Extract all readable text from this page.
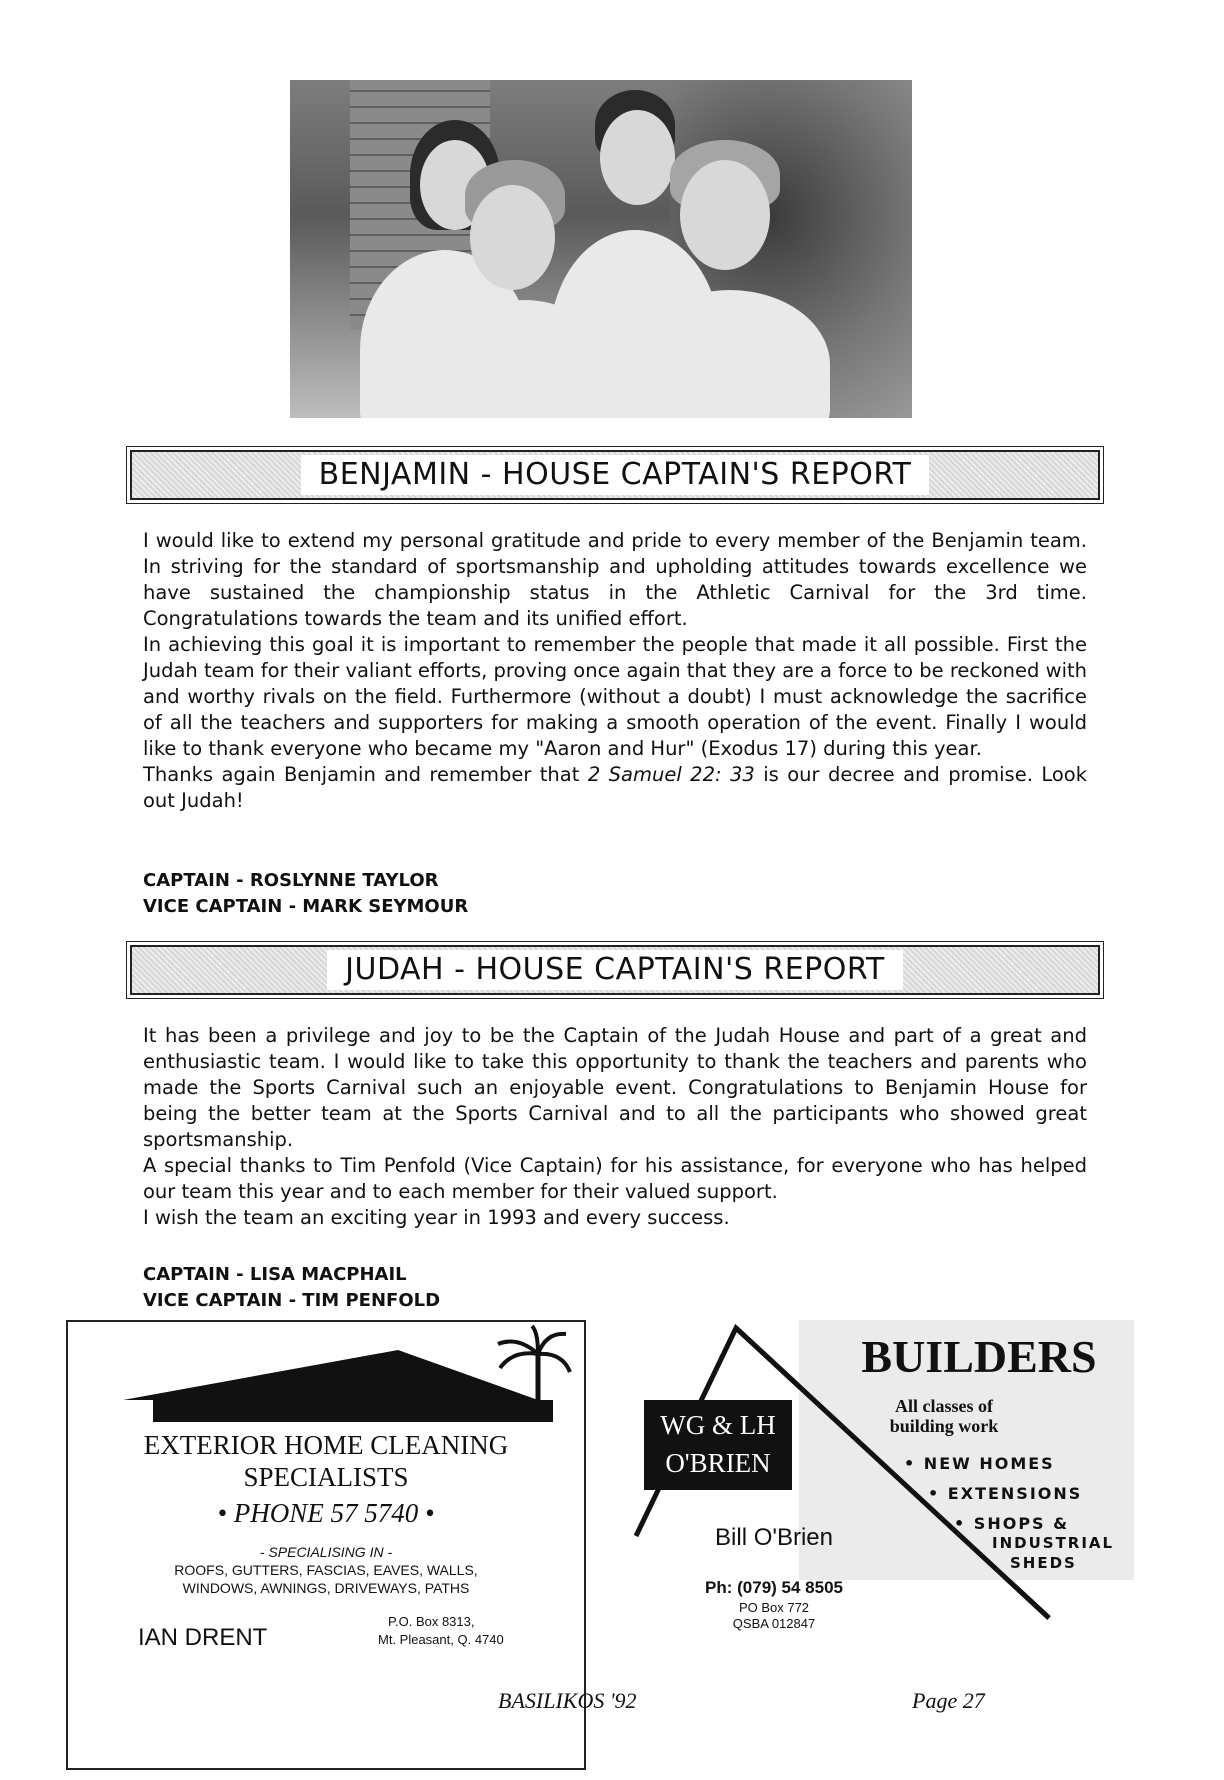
BENJAMIN - HOUSE CAPTAIN'S REPORT

I would like to extend my personal gratitude and pride to every member of the Benjamin team. In striving for the standard of sportsmanship and upholding attitudes towards excellence we have sustained the championship status in the Athletic Carnival for the 3rd time. Congratulations towards the team and its unified effort.

In achieving this goal it is important to remember the people that made it all possible. First the Judah team for their valiant efforts, proving once again that they are a force to be reckoned with and worthy rivals on the field. Furthermore (without a doubt) I must acknowledge the sacrifice of all the teachers and supporters for making a smooth operation of the event. Finally I would like to thank everyone who became my "Aaron and Hur" (Exodus 17) during this year.

Thanks again Benjamin and remember that 2 Samuel 22: 33 is our decree and promise. Look out Judah!

CAPTAIN - ROSLYNNE TAYLOR
VICE CAPTAIN - MARK SEYMOUR
JUDAH - HOUSE CAPTAIN'S REPORT

It has been a privilege and joy to be the Captain of the Judah House and part of a great and enthusiastic team. I would like to take this opportunity to thank the teachers and parents who made the Sports Carnival such an enjoyable event. Congratulations to Benjamin House for being the better team at the Sports Carnival and to all the participants who showed great sportsmanship.

A special thanks to Tim Penfold (Vice Captain) for his assistance, for everyone who has helped our team this year and to each member for their valued support.

I wish the team an exciting year in 1993 and every success.

CAPTAIN - LISA MACPHAIL
VICE CAPTAIN - TIM PENFOLD
EXTERIOR HOME CLEANING
SPECIALISTS
• PHONE 57 5740 •
- SPECIALISING IN -
ROOFS, GUTTERS, FASCIAS, EAVES, WALLS,
WINDOWS, AWNINGS, DRIVEWAYS, PATHS
IAN DRENT
P.O. Box 8313,
Mt. Pleasant, Q. 4740
WG & LH
O'BRIEN
BUILDERS
All classes of
building work
• NEW HOMES
• EXTENSIONS
• SHOPS &
INDUSTRIAL
SHEDS
Bill O'Brien
Ph: (079) 54 8505
PO Box 772
QSBA 012847
BASILIKOS '92	Page 27
